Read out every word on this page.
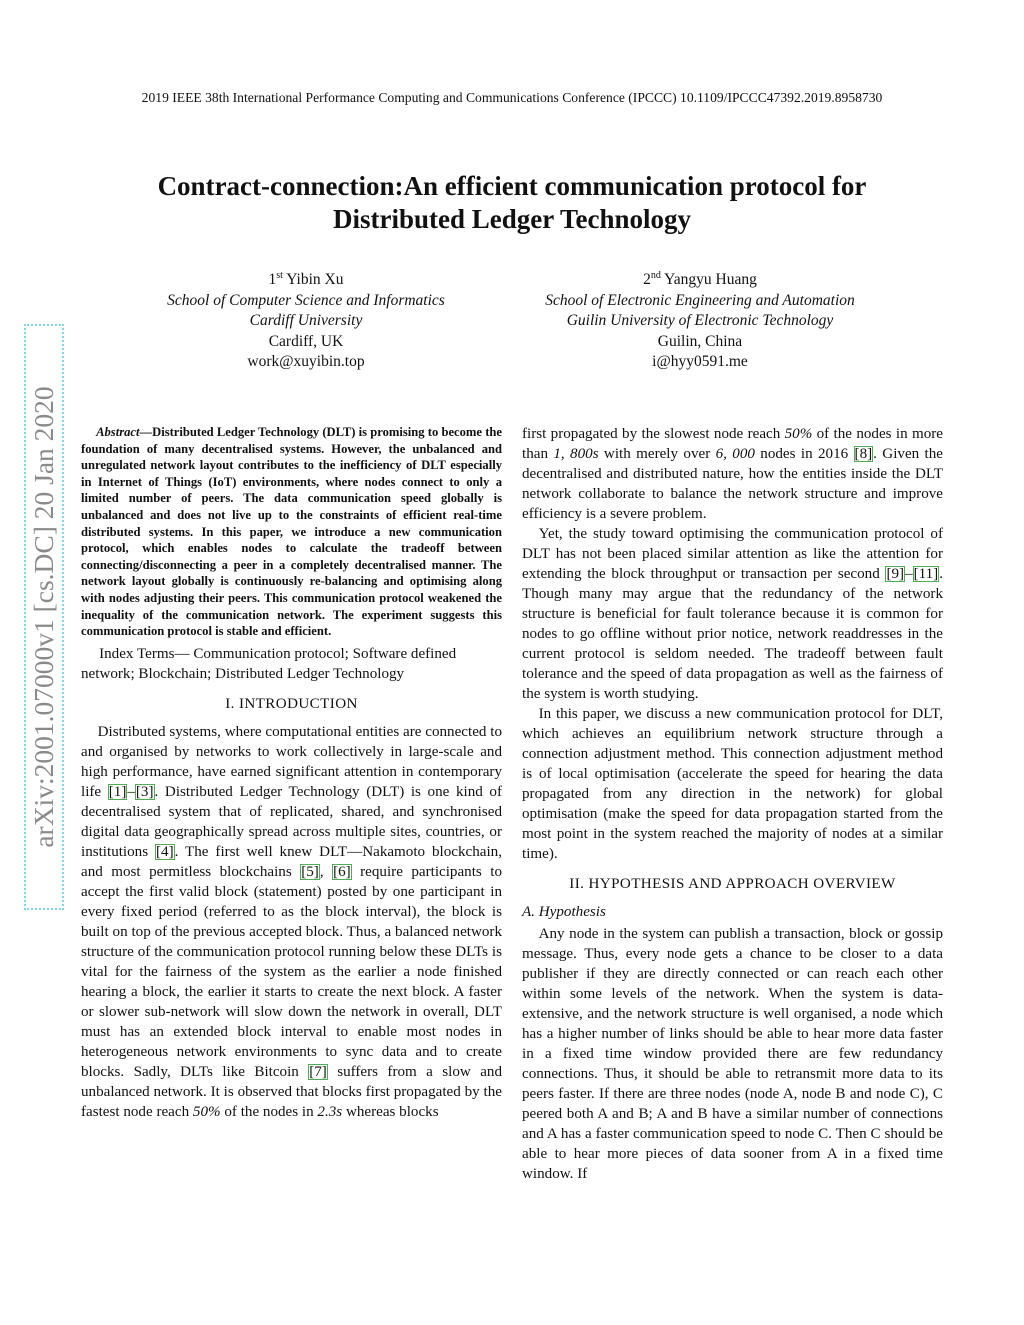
2019 IEEE 38th International Performance Computing and Communications Conference (IPCCC) 10.1109/IPCCC47392.2019.8958730
Contract-connection:An efficient communication protocol for
Distributed Ledger Technology
1st Yibin Xu
School of Computer Science and Informatics
Cardiff University
Cardiff, UK
work@xuyibin.top
2nd Yangyu Huang
School of Electronic Engineering and Automation
Guilin University of Electronic Technology
Guilin, China
i@hyy0591.me
arXiv:2001.07000v1 [cs.DC] 20 Jan 2020	Abstract—Distributed Ledger Technology (DLT) is promising to become the foundation of many decentralised systems. However, the unbalanced and unregulated network layout contributes to the inefficiency of DLT especially in Internet of Things (IoT) environments, where nodes connect to only a limited number of peers. The data communication speed globally is unbalanced and does not live up to the constraints of efficient real-time distributed systems. In this paper, we introduce a new communication protocol, which enables nodes to calculate the tradeoff between connecting/disconnecting a peer in a completely decentralised manner. The network layout globally is continuously re-balancing and optimising along with nodes adjusting their peers. This communication protocol weakened the inequality of the communication network. The experiment suggests this communication protocol is stable and efficient.

Index Terms— Communication protocol; Software defined network; Blockchain; Distributed Ledger Technology

I. INTRODUCTION

Distributed systems, where computational entities are connected to and organised by networks to work collectively in large-scale and high performance, have earned significant attention in contemporary life [1]–[3]. Distributed Ledger Technology (DLT) is one kind of decentralised system that of replicated, shared, and synchronised digital data geographically spread across multiple sites, countries, or institutions [4]. The first well knew DLT—Nakamoto blockchain, and most permitless blockchains [5], [6] require participants to accept the first valid block (statement) posted by one participant in every fixed period (referred to as the block interval), the block is built on top of the previous accepted block. Thus, a balanced network structure of the communication protocol running below these DLTs is vital for the fairness of the system as the earlier a node finished hearing a block, the earlier it starts to create the next block. A faster or slower sub-network will slow down the network in overall, DLT must has an extended block interval to enable most nodes in heterogeneous network environments to sync data and to create blocks. Sadly, DLTs like Bitcoin [7] suffers from a slow and unbalanced network. It is observed that blocks first propagated by the fastest node reach 50% of the nodes in 2.3s whereas blocks

first propagated by the slowest node reach 50% of the nodes in more than 1, 800s with merely over 6, 000 nodes in 2016 [8]. Given the decentralised and distributed nature, how the entities inside the DLT network collaborate to balance the network structure and improve efficiency is a severe problem.

Yet, the study toward optimising the communication protocol of DLT has not been placed similar attention as like the attention for extending the block throughput or transaction per second [9]–[11]. Though many may argue that the redundancy of the network structure is beneficial for fault tolerance because it is common for nodes to go offline without prior notice, network readdresses in the current protocol is seldom needed. The tradeoff between fault tolerance and the speed of data propagation as well as the fairness of the system is worth studying.

In this paper, we discuss a new communication protocol for DLT, which achieves an equilibrium network structure through a connection adjustment method. This connection adjustment method is of local optimisation (accelerate the speed for hearing the data propagated from any direction in the network) for global optimisation (make the speed for data propagation started from the most point in the system reached the majority of nodes at a similar time).

II. HYPOTHESIS AND APPROACH OVERVIEW
A. Hypothesis

Any node in the system can publish a transaction, block or gossip message. Thus, every node gets a chance to be closer to a data publisher if they are directly connected or can reach each other within some levels of the network. When the system is data-extensive, and the network structure is well organised, a node which has a higher number of links should be able to hear more data faster in a fixed time window provided there are few redundancy connections. Thus, it should be able to retransmit more data to its peers faster. If there are three nodes (node A, node B and node C), C peered both A and B; A and B have a similar number of connections and A has a faster communication speed to node C. Then C should be able to hear more pieces of data sooner from A in a fixed time window. If
